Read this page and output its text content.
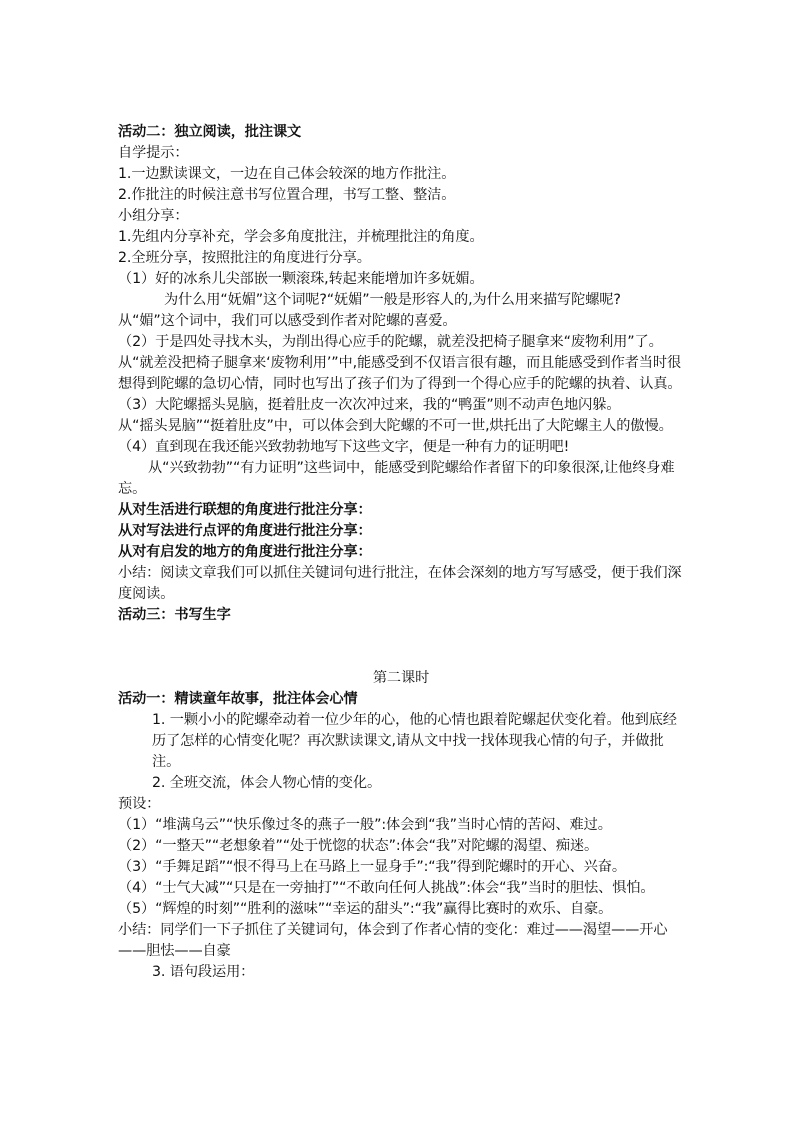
活动二：独立阅读，批注课文

自学提示：

1.一边默读课文，一边在自己体会较深的地方作批注。

2.作批注的时候注意书写位置合理，书写工整、整洁。

小组分享：

1.先组内分享补充，学会多角度批注，并梳理批注的角度。

2.全班分享，按照批注的角度进行分享。

（1）好的冰糸儿尖部嵌一颗滚珠,转起来能增加许多妩媚。

为什么用“妩媚”这个词呢?“妩媚”一般是形容人的,为什么用来描写陀螺呢?

从“媚”这个词中，我们可以感受到作者对陀螺的喜爱。

（2）于是四处寻找木头，为削出得心应手的陀螺，就差没把椅子腿拿来“废物利用”了。从“就差没把椅子腿拿来‘废物利用’”中,能感受到不仅语言很有趣，而且能感受到作者当时很想得到陀螺的急切心情，同时也写出了孩子们为了得到一个得心应手的陀螺的执着、认真。

（3）大陀螺摇头晃脑，挺着肚皮一次次冲过来，我的“鸭蛋”则不动声色地闪躲。

从“摇头晃脑”“挺着肚皮”中，可以体会到大陀螺的不可一世,烘托出了大陀螺主人的傲慢。

（4）直到现在我还能兴致勃勃地写下这些文字，便是一种有力的证明吧!

从“兴致勃勃”“有力证明”这些词中，能感受到陀螺给作者留下的印象很深,让他终身难忘。

从对生活进行联想的角度进行批注分享：

从对写法进行点评的角度进行批注分享：

从对有启发的地方的角度进行批注分享：

小结：阅读文章我们可以抓住关键词句进行批注，在体会深刻的地方写写感受，便于我们深度阅读。

活动三：书写生字

第二课时

活动一：精读童年故事，批注体会心情

1. 一颗小小的陀螺牵动着一位少年的心，他的心情也跟着陀螺起伏变化着。他到底经历了怎样的心情变化呢？再次默读课文,请从文中找一找体现我心情的句子，并做批注。

2. 全班交流，体会人物心情的变化。

预设：

（1）“堆满乌云”“快乐像过冬的燕子一般”:体会到“我”当时心情的苦闷、难过。

（2）“一整天”“老想象着”“处于恍惚的状态”:体会“我”对陀螺的渴望、痴迷。

（3）“手舞足蹈”“恨不得马上在马路上一显身手”:“我”得到陀螺时的开心、兴奋。

（4）“士气大减”“只是在一旁抽打”“不敢向任何人挑战”:体会“我”当时的胆怯、惧怕。

（5）“辉煌的时刻”“胜利的滋味”“幸运的甜头”:“我”赢得比赛时的欢乐、自豪。

小结：同学们一下子抓住了关键词句，体会到了作者心情的变化：难过——渴望——开心——胆怯——自豪

3. 语句段运用：
